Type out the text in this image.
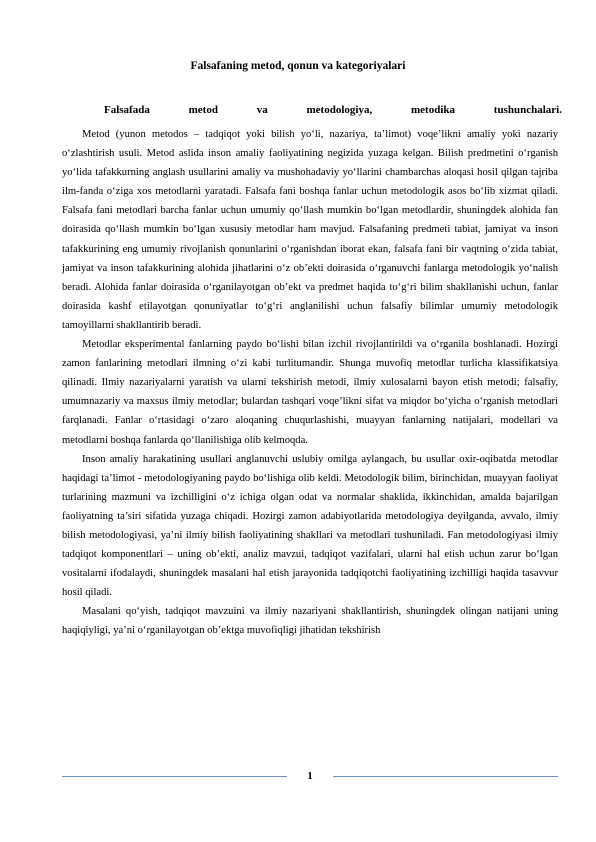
Falsafaning metod, qonun va kategoriyalari
Falsafada	metod	va	metodologiya,	metodika	tushunchalari.

Metod (yunon metodos – tadqiqot yoki bilish yo‘li, nazariya, ta’limot) voqe’likni amaliy yoki nazariy o‘zlashtirish usuli. Metod aslida inson amaliy faoliyatining negizida yuzaga kelgan. Bilish predmetini o‘rganish yo‘lida tafakkurning anglash usullarini amaliy va mushohadaviy yo‘llarini chambarchas aloqasi hosil qilgan tajriba ilm-fanda o‘ziga xos metodlarni yaratadi. Falsafa fani boshqa fanlar uchun metodologik asos bo‘lib xizmat qiladi. Falsafa fani metodlari barcha fanlar uchun umumiy qo‘llash mumkin bo‘lgan metodlardir, shuningdek alohida fan doirasida qo‘llash mumkin bo‘lgan xususiy metodlar ham mavjud. Falsafaning predmeti tabiat, jamiyat va inson tafakkurining eng umumiy rivojlanish qonunlarini o‘rganishdan iborat ekan, falsafa fani bir vaqtning o‘zida tabiat, jamiyat va inson tafakkurining alohida jihatlarini o‘z ob’ekti doirasida o‘rganuvchi fanlarga metodologik yo‘nalish beradi. Alohida fanlar doirasida o‘rganilayotgan ob’ekt va predmet haqida to‘g‘ri bilim shakllanishi uchun, fanlar doirasida kashf etilayotgan qonuniyatlar to‘g‘ri anglanilishi uchun falsafiy bilimlar umumiy metodologik tamoyillarni shakllantirib beradi.

Metodlar eksperimental fanlarning paydo bo‘lishi bilan izchil rivojlantirildi va o‘rganila boshlanadi. Hozirgi zamon fanlarining metodlari ilmning o‘zi kabi turlitumandir. Shunga muvofiq metodlar turlicha klassifikatsiya qilinadi. Ilmiy nazariyalarni yaratish va ularni tekshirish metodi, ilmiy xulosalarni bayon etish metodi; falsafiy, umumnazariy va maxsus ilmiy metodlar; bulardan tashqari voqe’likni sifat va miqdor bo‘yicha o‘rganish metodlari farqlanadi. Fanlar o‘rtasidagi o‘zaro aloqaning chuqurlashishi, muayyan fanlarning natijalari, modellari va metodlarni boshqa fanlarda qo‘llanilishiga olib kelmoqda.

Inson amaliy harakatining usullari anglanuvchi uslubiy omilga aylangach, bu usullar oxir-oqibatda metodlar haqidagi ta’limot - metodologiyaning paydo bo‘lishiga olib keldi. Metodologik bilim, birinchidan, muayyan faoliyat turlarining mazmuni va izchilligini o‘z ichiga olgan odat va normalar shaklida, ikkinchidan, amalda bajarilgan faoliyatning ta’siri sifatida yuzaga chiqadi. Hozirgi zamon adabiyotlarida metodologiya deyilganda, avvalo, ilmiy bilish metodologiyasi, ya’ni ilmiy bilish faoliyatining shakllari va metodlari tushuniladi. Fan metodologiyasi ilmiy tadqiqot komponentlari – uning ob’ekti, analiz mavzui, tadqiqot vazifalari, ularni hal etish uchun zarur bo‘lgan vositalarni ifodalaydi, shuningdek masalani hal etish jarayonida tadqiqotchi faoliyatining izchilligi haqida tasavvur hosil qiladi.

Masalani qo‘yish, tadqiqot mavzuini va ilmiy nazariyani shakllantirish, shuningdek olingan natijani uning haqiqiyligi, ya’ni o‘rganilayotgan ob’ektga muvofiqligi jihatidan tekshirish

1
